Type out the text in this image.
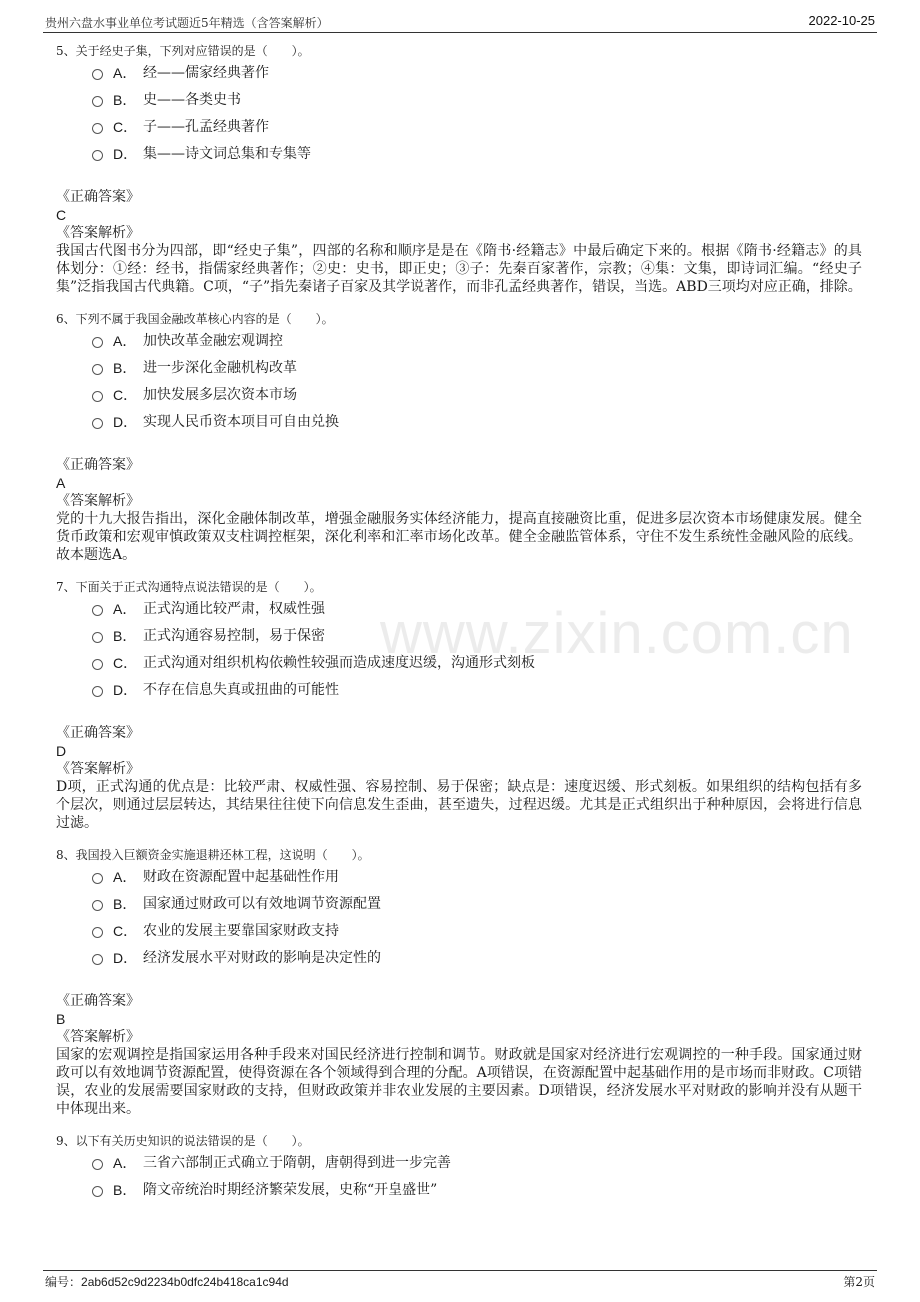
贵州六盘水事业单位考试题近5年精选（含答案解析）	2022-10-25
www.zixin.com.cn

5、关于经史子集，下列对应错误的是（　　）。

A． 经——儒家经典著作
B． 史——各类史书
C． 子——孔孟经典著作
D． 集——诗文词总集和专集等
《正确答案》
C
《答案解析》
我国古代图书分为四部，即“经史子集”，四部的名称和顺序是是在《隋书·经籍志》中最后确定下来的。根据《隋书·经籍志》的具体划分：①经：经书，指儒家经典著作；②史：史书，即正史；③子：先秦百家著作，宗教；④集：文集，即诗词汇编。“经史子集”泛指我国古代典籍。C项，“子”指先秦诸子百家及其学说著作，而非孔孟经典著作，错误，当选。ABD三项均对应正确，排除。

6、下列不属于我国金融改革核心内容的是（　　）。

A． 加快改革金融宏观调控
B． 进一步深化金融机构改革
C． 加快发展多层次资本市场
D． 实现人民币资本项目可自由兑换
《正确答案》
A
《答案解析》
党的十九大报告指出，深化金融体制改革，增强金融服务实体经济能力，提高直接融资比重，促进多层次资本市场健康发展。健全货币政策和宏观审慎政策双支柱调控框架，深化利率和汇率市场化改革。健全金融监管体系，守住不发生系统性金融风险的底线。故本题选A。

7、下面关于正式沟通特点说法错误的是（　　）。

A． 正式沟通比较严肃，权威性强
B． 正式沟通容易控制，易于保密
C． 正式沟通对组织机构依赖性较强而造成速度迟缓，沟通形式刻板
D． 不存在信息失真或扭曲的可能性
《正确答案》
D
《答案解析》
D项，正式沟通的优点是：比较严肃、权威性强、容易控制、易于保密；缺点是：速度迟缓、形式刻板。如果组织的结构包括有多个层次，则通过层层转达，其结果往往使下向信息发生歪曲，甚至遗失，过程迟缓。尤其是正式组织出于种种原因，会将进行信息过滤。

8、我国投入巨额资金实施退耕还林工程，这说明（　　）。

A． 财政在资源配置中起基础性作用
B． 国家通过财政可以有效地调节资源配置
C． 农业的发展主要靠国家财政支持
D． 经济发展水平对财政的影响是决定性的
《正确答案》
B
《答案解析》
国家的宏观调控是指国家运用各种手段来对国民经济进行控制和调节。财政就是国家对经济进行宏观调控的一种手段。国家通过财政可以有效地调节资源配置，使得资源在各个领域得到合理的分配。A项错误，在资源配置中起基础作用的是市场而非财政。C项错误，农业的发展需要国家财政的支持，但财政政策并非农业发展的主要因素。D项错误，经济发展水平对财政的影响并没有从题干中体现出来。

9、以下有关历史知识的说法错误的是（　　）。

A． 三省六部制正式确立于隋朝，唐朝得到进一步完善
B． 隋文帝统治时期经济繁荣发展，史称“开皇盛世”
编号：2ab6d52c9d2234b0dfc24b418ca1c94d	第2页
